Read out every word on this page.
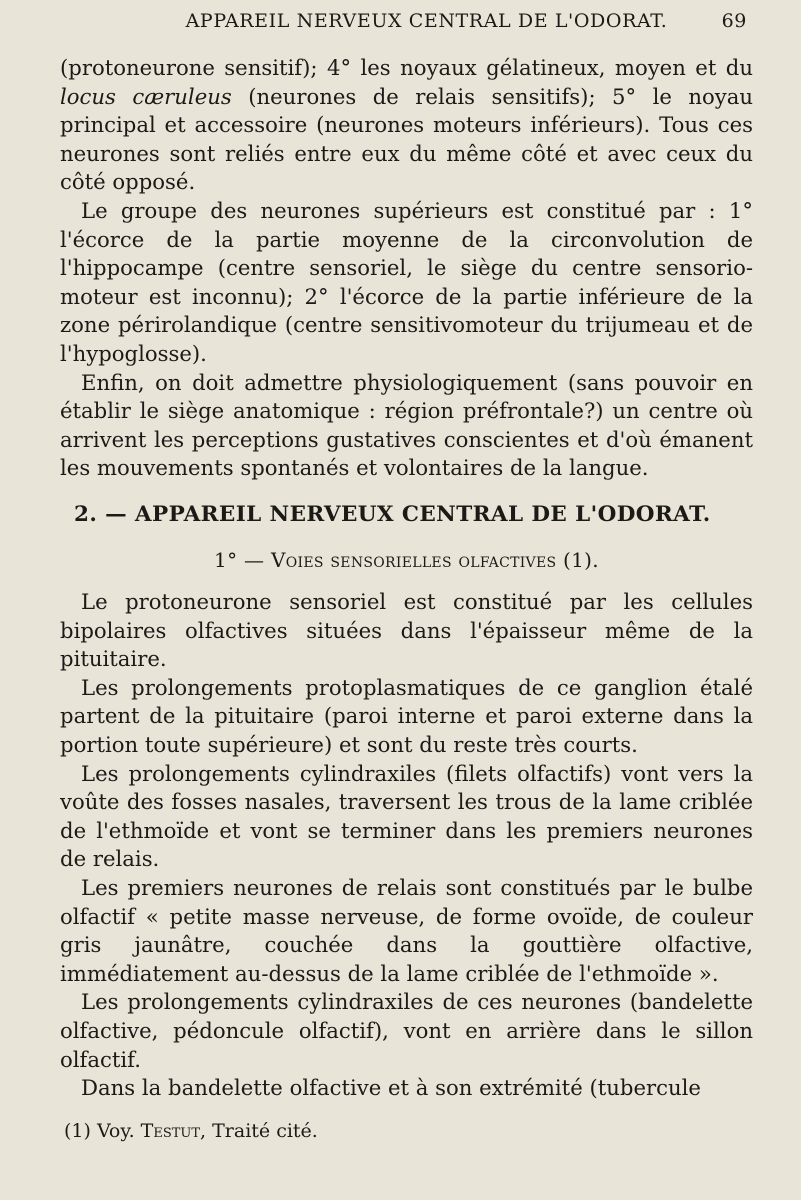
APPAREIL NERVEUX CENTRAL DE L'ODORAT.	69

(protoneurone sensitif); 4° les noyaux gélatineux, moyen et du locus cæruleus (neurones de relais sensitifs); 5° le noyau principal et accessoire (neurones moteurs inférieurs). Tous ces neurones sont reliés entre eux du même côté et avec ceux du côté opposé.

Le groupe des neurones supérieurs est constitué par : 1° l'écorce de la partie moyenne de la circonvolution de l'hippocampe (centre sensoriel, le siège du centre sensorio-moteur est inconnu); 2° l'écorce de la partie inférieure de la zone périrolandique (centre sensitivomoteur du trijumeau et de l'hypoglosse).

Enfin, on doit admettre physiologiquement (sans pouvoir en établir le siège anatomique : région préfrontale?) un centre où arrivent les perceptions gustatives conscientes et d'où émanent les mouvements spontanés et volontaires de la langue.

2. — APPAREIL NERVEUX CENTRAL DE L'ODORAT.
1° — Voies sensorielles olfactives (1).

Le protoneurone sensoriel est constitué par les cellules bipolaires olfactives situées dans l'épaisseur même de la pituitaire.

Les prolongements protoplasmatiques de ce ganglion étalé partent de la pituitaire (paroi interne et paroi externe dans la portion toute supérieure) et sont du reste très courts.

Les prolongements cylindraxiles (filets olfactifs) vont vers la voûte des fosses nasales, traversent les trous de la lame criblée de l'ethmoïde et vont se terminer dans les premiers neurones de relais.

Les premiers neurones de relais sont constitués par le bulbe olfactif « petite masse nerveuse, de forme ovoïde, de couleur gris jaunâtre, couchée dans la gouttière olfactive, immédiatement au-dessus de la lame criblée de l'ethmoïde ».

Les prolongements cylindraxiles de ces neurones (bandelette olfactive, pédoncule olfactif), vont en arrière dans le sillon olfactif.

Dans la bandelette olfactive et à son extrémité (tubercule

(1) Voy. Testut, Traité cité.
